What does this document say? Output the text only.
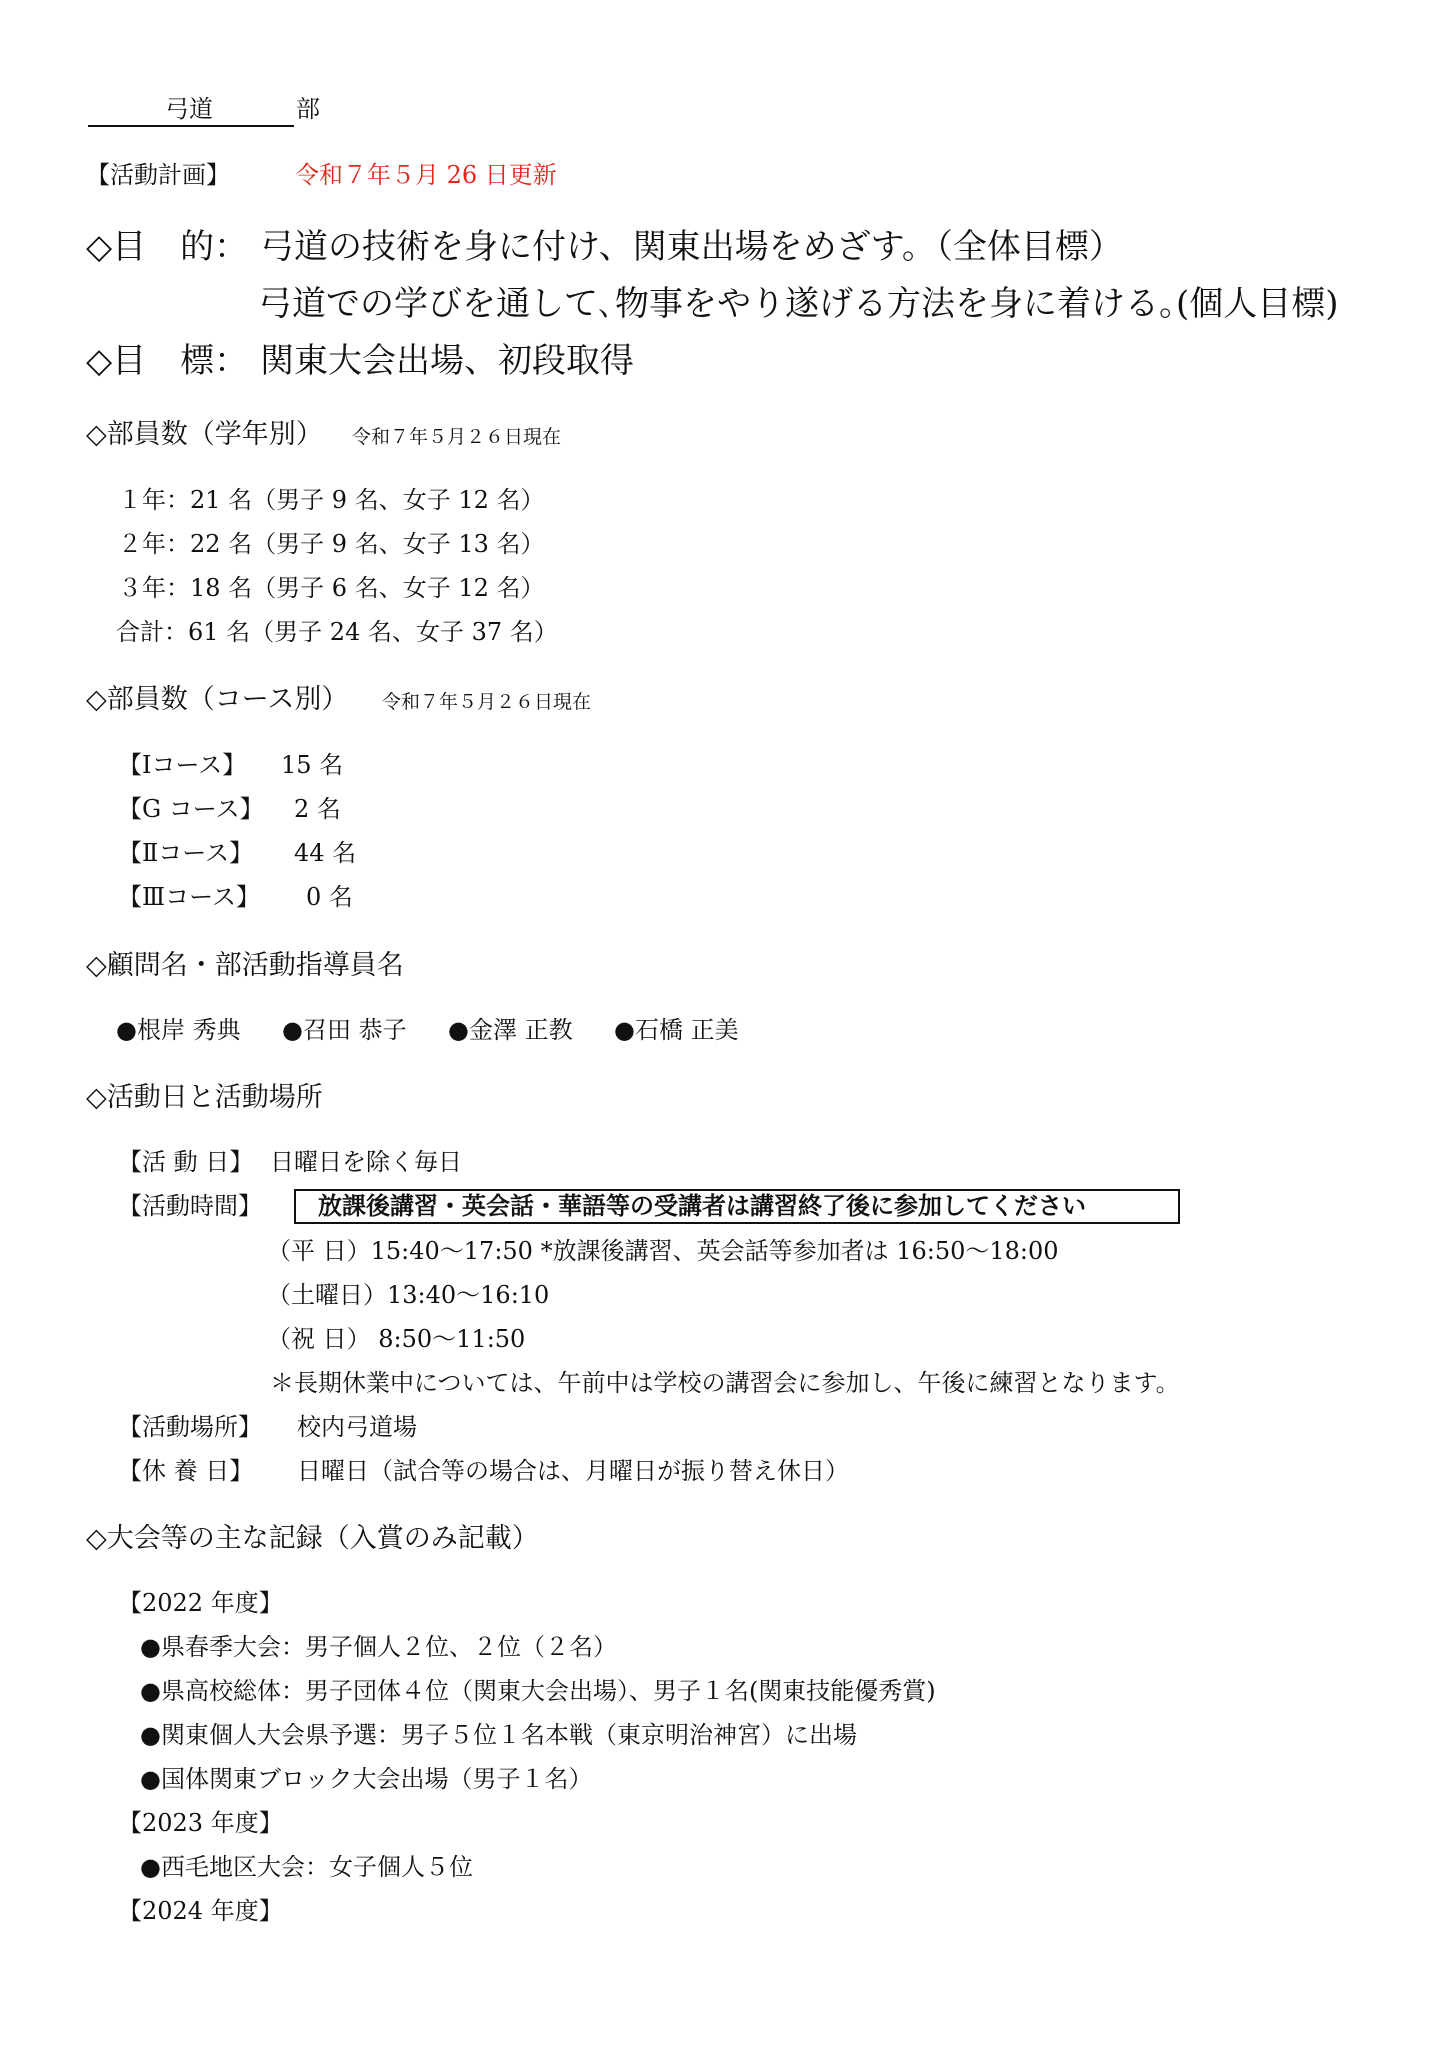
弓道	部
【活動計画】	令和７年５月 26 日更新
◇目　的： 弓道の技術を身に付け、関東出場をめざす。（全体目標）
弓道での学びを通して､物事をやり遂げる方法を身に着ける｡(個人目標)
◇目　標： 関東大会出場、初段取得
◇部員数（学年別） 令和７年５月２６日現在
１年：21 名（男子 9 名、女子 12 名）
２年：22 名（男子 9 名、女子 13 名）
３年：18 名（男子 6 名、女子 12 名）
合計：61 名（男子 24 名、女子 37 名）
◇部員数（コース別） 令和７年５月２６日現在
【Ⅰコース】 15 名
【G コース】 2 名
【Ⅱコース】 44 名
【Ⅲコース】 0 名
◇顧問名・部活動指導員名
●根岸 秀典 ●召田 恭子 ●金澤 正教 ●石橋 正美
◇活動日と活動場所
【活 動 日】 日曜日を除く毎日
【活動時間】	放課後講習・英会話・華語等の受講者は講習終了後に参加してください
（平 日）15:40～17:50 *放課後講習、英会話等参加者は 16:50～18:00
（土曜日）13:40～16:10
（祝 日） 8:50～11:50
＊長期休業中については、午前中は学校の講習会に参加し、午後に練習となります。
【活動場所】 校内弓道場
【休 養 日】 日曜日（試合等の場合は、月曜日が振り替え休日）
◇大会等の主な記録（入賞のみ記載）
【2022 年度】
●県春季大会：男子個人２位、２位（２名）
●県高校総体：男子団体４位（関東大会出場）、男子１名(関東技能優秀賞)
●関東個人大会県予選：男子５位１名本戦（東京明治神宮）に出場
●国体関東ブロック大会出場（男子１名）
【2023 年度】
●西毛地区大会：女子個人５位
【2024 年度】
